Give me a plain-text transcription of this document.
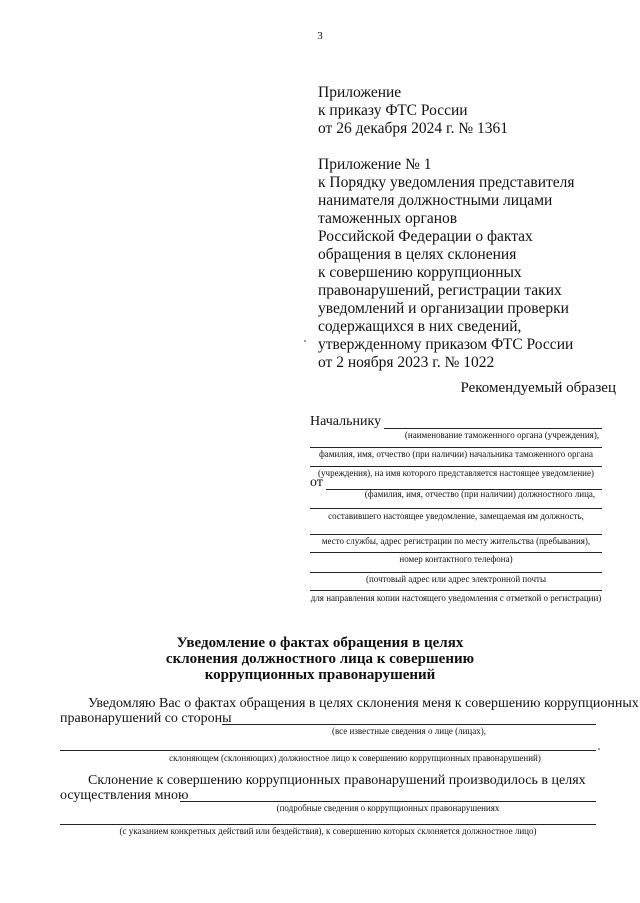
3
Приложение
к приказу ФТС России
от 26 декабря 2024 г. № 1361
Приложение № 1
к Порядку уведомления представителя
нанимателя должностными лицами
таможенных органов
Российской Федерации о фактах
обращения в целях склонения
к совершению коррупционных
правонарушений, регистрации таких
уведомлений и организации проверки
содержащихся в них сведений,
утвержденному приказом ФТС России
от 2 ноября 2023 г. № 1022
Рекомендуемый образец
Начальнику
(наименование таможенного органа (учреждения),
фамилия, имя, отчество (при наличии) начальника таможенного органа
(учреждения), на имя которого представляется настоящее уведомление)
от
(фамилия, имя, отчество (при наличии) должностного лица,
составившего настоящее уведомление, замещаемая им должность,
место службы, адрес регистрации по месту жительства (пребывания),
номер контактного телефона)
(почтовый адрес или адрес электронной почты
для направления копии настоящего уведомления с отметкой о регистрации)
Уведомление о фактах обращения в целях
склонения должностного лица к совершению
коррупционных правонарушений
Уведомляю Вас о фактах обращения в целях склонения меня к совершению коррупционных
правонарушений со стороны
(все известные сведения о лице (лицах),
склоняющем (склоняющих) должностное лицо к совершению коррупционных правонарушений)
Склонение к совершению коррупционных правонарушений производилось в целях
осуществления мною
(подробные сведения о коррупционных правонарушениях
(с указанием конкретных действий или бездействия), к совершению которых склоняется должностное лицо)
